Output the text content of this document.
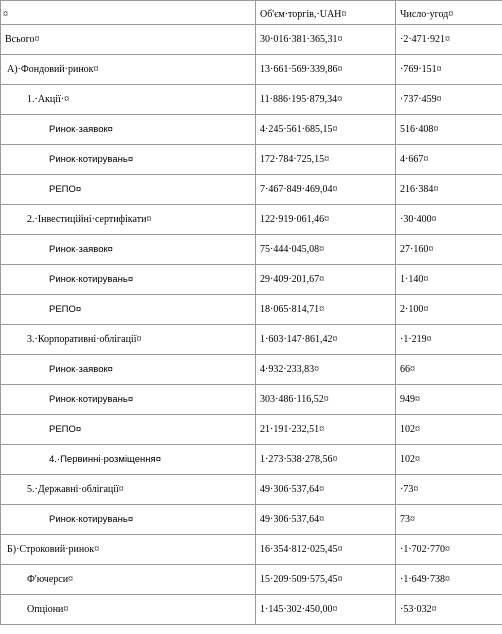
¤	Об'єм·торгів,·UAH¤	Число·угод¤
Всього¤	30·016·381·365,31¤	·2·471·921¤
А)·Фондовий·ринок¤	13·661·569·339,86¤	·769·151¤
1.·Акції·¤	11·886·195·879,34¤	·737·459¤
Ринок·заявок¤	4·245·561·685,15¤	516·408¤
Ринок·котирувань¤	172·784·725,15¤	4·667¤
РЕПО¤	7·467·849·469,04¤	216·384¤
2.·Інвестиційні·сертифікати¤	122·919·061,46¤	·30·400¤
Ринок·заявок¤	75·444·045,08¤	27·160¤
Ринок·котирувань¤	29·409·201,67¤	1·140¤
РЕПО¤	18·065·814,71¤	2·100¤
3.·Корпоративні·облігації¤	1·603·147·861,42¤	·1·219¤
Ринок·заявок¤	4·932·233,83¤	66¤
Ринок·котирувань¤	303·486·116,52¤	949¤
РЕПО¤	21·191·232,51¤	102¤
4.·Первинні·розміщення¤	1·273·538·278,56¤	102¤
5.·Державні·облігації¤	49·306·537,64¤	·73¤
Ринок·котирувань¤	49·306·537,64¤	73¤
Б)·Строковий·ринок¤	16·354·812·025,45¤	·1·702·770¤
Ф'ючерси¤	15·209·509·575,45¤	·1·649·738¤
Опціони¤	1·145·302·450,00¤	·53·032¤
